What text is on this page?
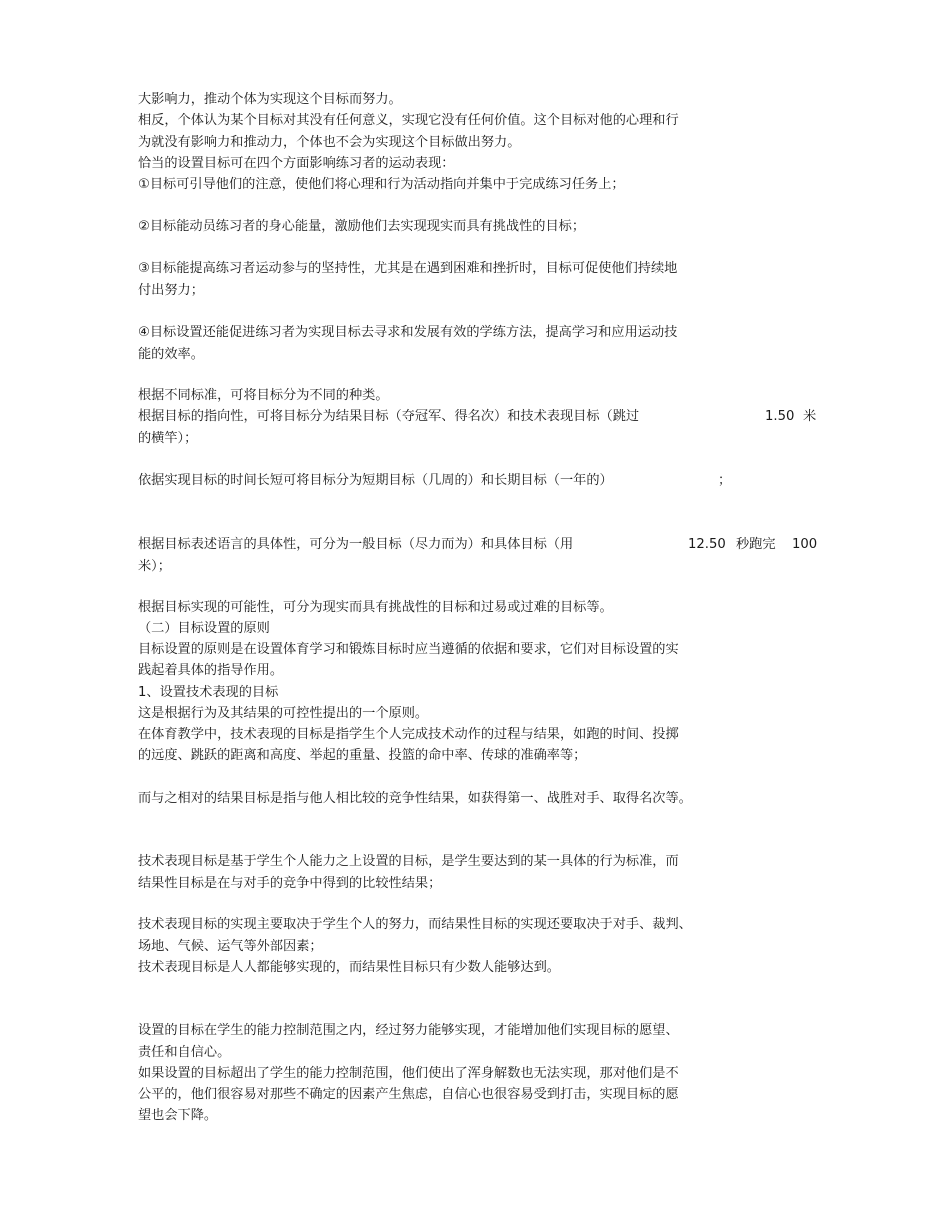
大影响力，推动个体为实现这个目标而努力。
相反，个体认为某个目标对其没有任何意义，实现它没有任何价值。这个目标对他的心理和行
为就没有影响力和推动力，个体也不会为实现这个目标做出努力。
恰当的设置目标可在四个方面影响练习者的运动表现：
①目标可引导他们的注意，使他们将心理和行为活动指向并集中于完成练习任务上；
②目标能动员练习者的身心能量，激励他们去实现现实而具有挑战性的目标；
③目标能提高练习者运动参与的坚持性，尤其是在遇到困难和挫折时，目标可促使他们持续地
付出努力；
④目标设置还能促进练习者为实现目标去寻求和发展有效的学练方法，提高学习和应用运动技
能的效率。
根据不同标准，可将目标分为不同的种类。
根据目标的指向性，可将目标分为结果目标（夺冠军、得名次）和技术表现目标（跳过	1.50 米
的横竿）；
依据实现目标的时间长短可将目标分为短期目标（几周的）和长期目标（一年的）	；
根据目标表述语言的具体性，可分为一般目标（尽力而为）和具体目标（用	12.50 秒跑完 100
米）；
根据目标实现的可能性，可分为现实而具有挑战性的目标和过易或过难的目标等。
（二）目标设置的原则
目标设置的原则是在设置体育学习和锻炼目标时应当遵循的依据和要求，它们对目标设置的实
践起着具体的指导作用。
1、设置技术表现的目标
这是根据行为及其结果的可控性提出的一个原则。
在体育教学中，技术表现的目标是指学生个人完成技术动作的过程与结果，如跑的时间、投掷
的远度、跳跃的距离和高度、举起的重量、投篮的命中率、传球的准确率等；
而与之相对的结果目标是指与他人相比较的竞争性结果，如获得第一、战胜对手、取得名次等。
技术表现目标是基于学生个人能力之上设置的目标，是学生要达到的某一具体的行为标准，而
结果性目标是在与对手的竞争中得到的比较性结果；
技术表现目标的实现主要取决于学生个人的努力，而结果性目标的实现还要取决于对手、裁判、
场地、气候、运气等外部因素；
技术表现目标是人人都能够实现的，而结果性目标只有少数人能够达到。
设置的目标在学生的能力控制范围之内，经过努力能够实现，才能增加他们实现目标的愿望、
责任和自信心。
如果设置的目标超出了学生的能力控制范围，他们使出了浑身解数也无法实现，那对他们是不
公平的，他们很容易对那些不确定的因素产生焦虑，自信心也很容易受到打击，实现目标的愿
望也会下降。
